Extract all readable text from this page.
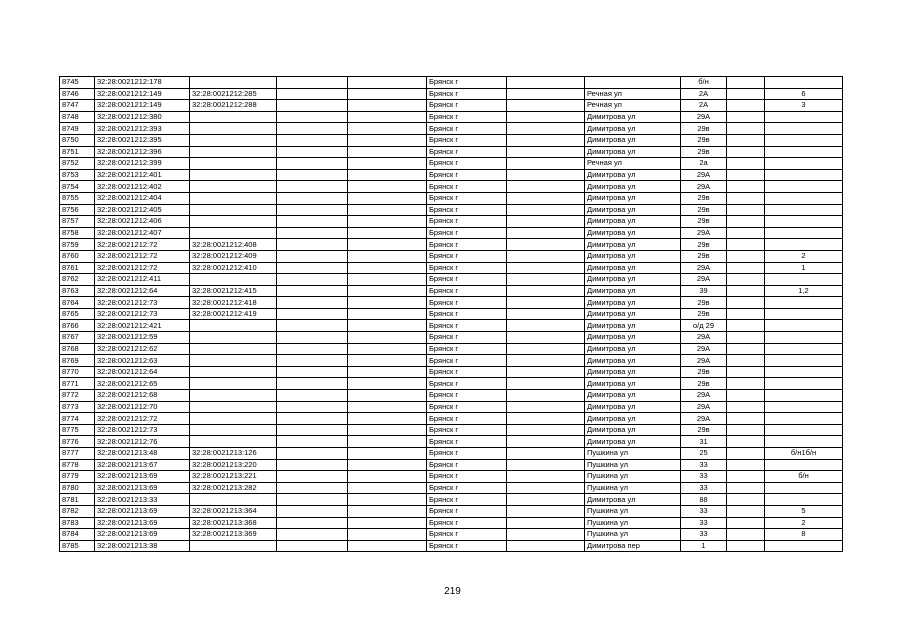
8745	32:28:0021212:178				Брянск г			б/н		
8746	32:28:0021212:149	32:28:0021212:285			Брянск г		Речная ул	2А		6
8747	32:28:0021212:149	32:28:0021212:288			Брянск г		Речная ул	2А		3
8748	32:28:0021212:380				Брянск г		Димитрова ул	29А		
8749	32:28:0021212:393				Брянск г		Димитрова ул	29в		
8750	32:28:0021212:395				Брянск г		Димитрова ул	29в		
8751	32:28:0021212:396				Брянск г		Димитрова ул	29в		
8752	32:28:0021212:399				Брянск г		Речная ул	2а		
8753	32:28:0021212:401				Брянск г		Димитрова ул	29А		
8754	32:28:0021212:402				Брянск г		Димитрова ул	29А		
8755	32:28:0021212:404				Брянск г		Димитрова ул	29в		
8756	32:28:0021212:405				Брянск г		Димитрова ул	29в		
8757	32:28:0021212:406				Брянск г		Димитрова ул	29в		
8758	32:28:0021212:407				Брянск г		Димитрова ул	29А		
8759	32:28:0021212:72	32:28:0021212:408			Брянск г		Димитрова ул	29в		
8760	32:28:0021212:72	32:28:0021212:409			Брянск г		Димитрова ул	29в		2
8761	32:28:0021212:72	32:28:0021212:410			Брянск г		Димитрова ул	29А		1
8762	32:28:0021212:411				Брянск г		Димитрова ул	29А		
8763	32:28:0021212:64	32:28:0021212:415			Брянск г		Димитрова ул	39		1,2
8764	32:28:0021212:73	32:28:0021212:418			Брянск г		Димитрова ул	29в		
8765	32:28:0021212:73	32:28:0021212:419			Брянск г		Димитрова ул	29в		
8766	32:28:0021212:421				Брянск г		Димитрова ул	о/д 29		
8767	32:28:0021212:59				Брянск г		Димитрова ул	29А		
8768	32:28:0021212:62				Брянск г		Димитрова ул	29А		
8769	32:28:0021212:63				Брянск г		Димитрова ул	29А		
8770	32:28:0021212:64				Брянск г		Димитрова ул	29в		
8771	32:28:0021212:65				Брянск г		Димитрова ул	29в		
8772	32:28:0021212:68				Брянск г		Димитрова ул	29А		
8773	32:28:0021212:70				Брянск г		Димитрова ул	29А		
8774	32:28:0021212:72				Брянск г		Димитрова ул	29А		
8775	32:28:0021212:73				Брянск г		Димитрова ул	29в		
8776	32:28:0021212:76				Брянск г		Димитрова ул	31		
8777	32:28:0021213:48	32:28:0021213:126			Брянск г		Пушкина ул	25		б/н1б/н
8778	32:28:0021213:67	32:28:0021213:220			Брянск г		Пушкина ул	33		
8779	32:28:0021213:69	32:28:0021213:221			Брянск г		Пушкина ул	33		б/н
8780	32:28:0021213:69	32:28:0021213:282			Брянск г		Пушкина ул	33		
8781	32:28:0021213:33				Брянск г		Димитрова ул	88		
8782	32:28:0021213:69	32:28:0021213:364			Брянск г		Пушкина ул	33		5
8783	32:28:0021213:69	32:28:0021213:368			Брянск г		Пушкина ул	33		2
8784	32:28:0021213:69	32:28:0021213:369			Брянск г		Пушкина ул	33		8
8785	32:28:0021213:38				Брянск г		Димитрова пер	1		
219
